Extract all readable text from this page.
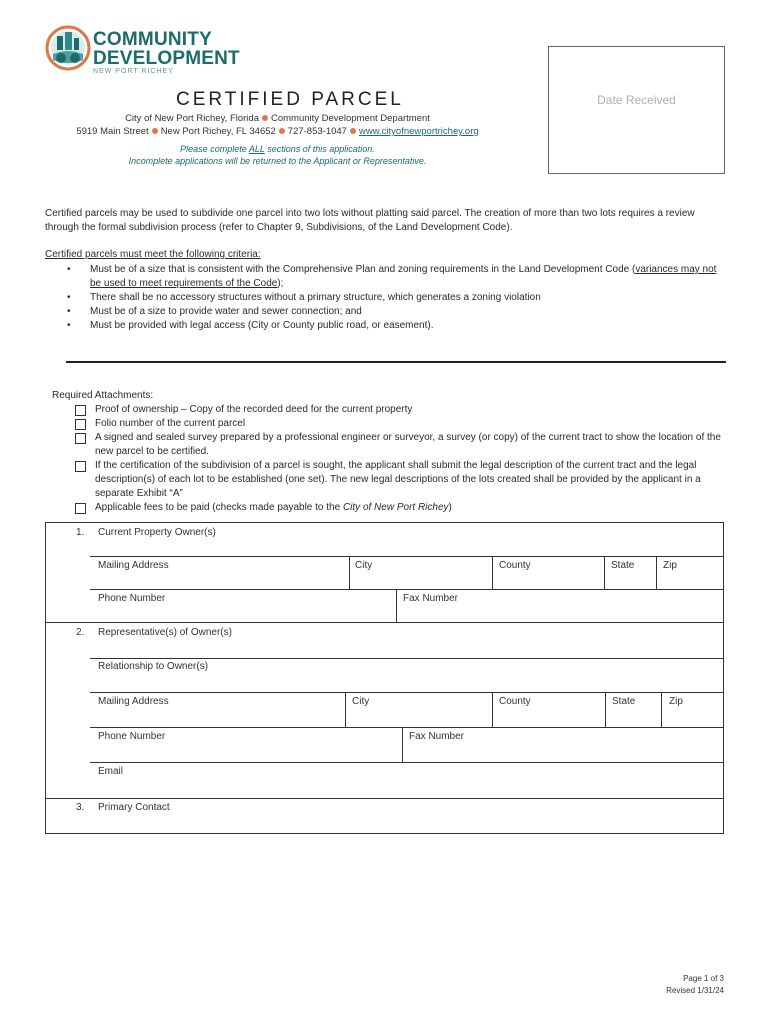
COMMUNITY
DEVELOPMENT
NEW PORT RICHEY
CERTIFIED PARCEL
City of New Port Richey, Florida Community Development Department
5919 Main Street New Port Richey, FL 34652 727-853-1047 www.cityofnewportrichey.org
Please complete ALL sections of this application.
Incomplete applications will be returned to the Applicant or Representative.
Date Received
Certified parcels may be used to subdivide one parcel into two lots without platting said parcel. The creation of more than two lots requires a review through the formal subdivision process (refer to Chapter 9, Subdivisions, of the Land Development Code).
Certified parcels must meet the following criteria:
• Must be of a size that is consistent with the Comprehensive Plan and zoning requirements in the Land Development Code (variances may not be used to meet requirements of the Code);
• There shall be no accessory structures without a primary structure, which generates a zoning violation
• Must be of a size to provide water and sewer connection; and
• Must be provided with legal access (City or County public road, or easement).
Required Attachments:
Proof of ownership – Copy of the recorded deed for the current property
Folio number of the current parcel
A signed and sealed survey prepared by a professional engineer or surveyor, a survey (or copy) of the current tract to show the location of the new parcel to be certified.
If the certification of the subdivision of a parcel is sought, the applicant shall submit the legal description of the current tract and the legal description(s) of each lot to be established (one set). The new legal descriptions of the lots created shall be provided by the applicant in a separate Exhibit “A”
Applicable fees to be paid (checks made payable to the City of New Port Richey)
1. Current Property Owner(s)
Mailing Address	City	County	State	Zip
Phone Number	Fax Number
2. Representative(s) of Owner(s)
Relationship to Owner(s)
Mailing Address	City	County	State	Zip
Phone Number	Fax Number
Email
3. Primary Contact
Page 1 of 3
Revised 1/31/24
